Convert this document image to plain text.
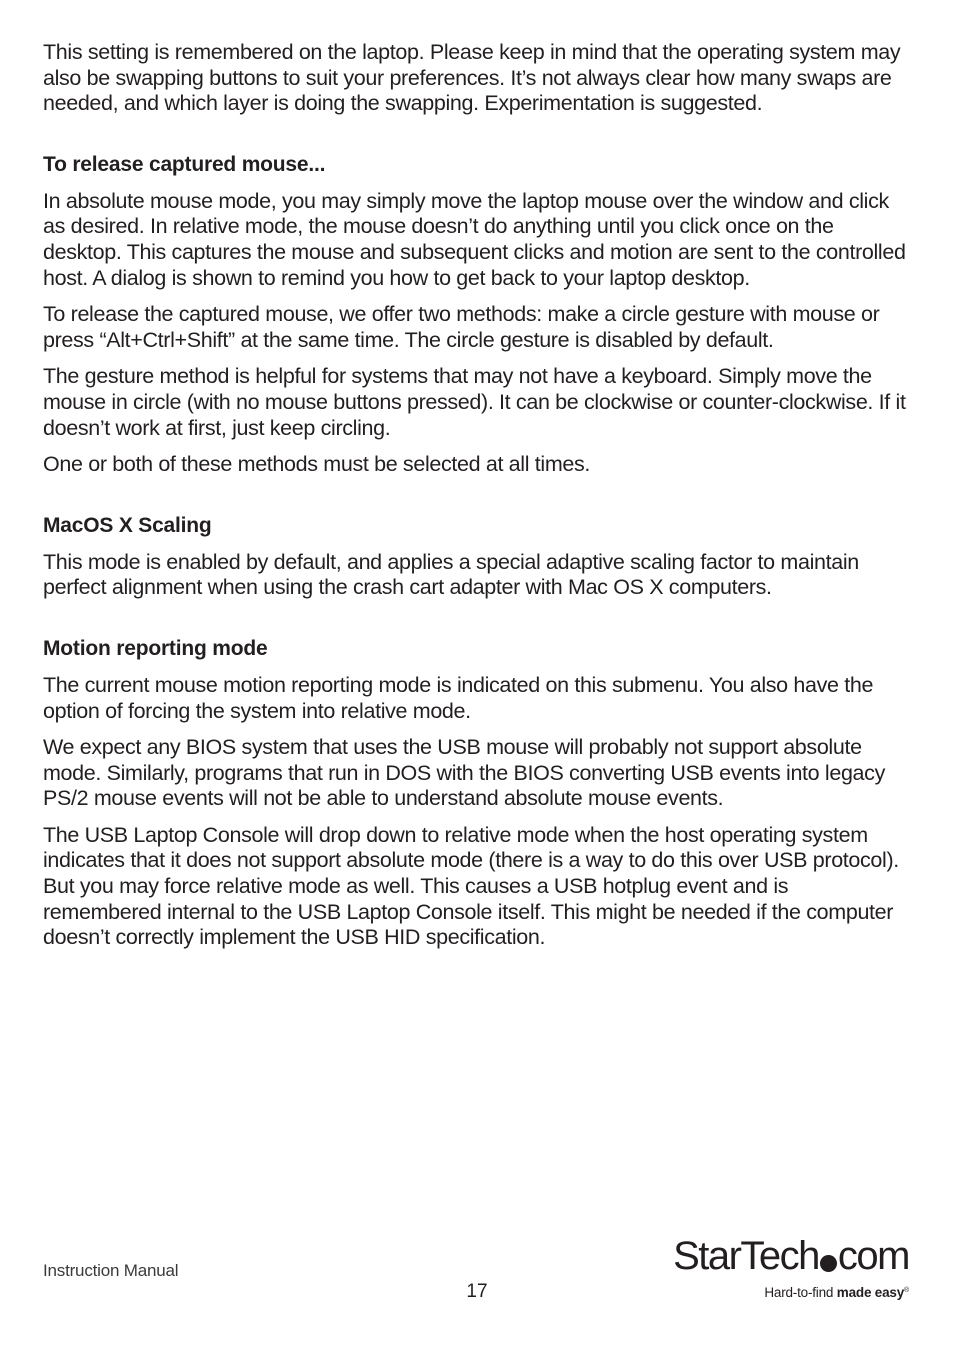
This setting is remembered on the laptop. Please keep in mind that the operating system may also be swapping buttons to suit your preferences. It’s not always clear how many swaps are needed, and which layer is doing the swapping. Experimentation is suggested.

To release captured mouse...

In absolute mouse mode, you may simply move the laptop mouse over the window and click as desired. In relative mode, the mouse doesn’t do anything until you click once on the desktop. This captures the mouse and subsequent clicks and motion are sent to the controlled host. A dialog is shown to remind you how to get back to your laptop desktop.

To release the captured mouse, we offer two methods: make a circle gesture with mouse or press “Alt+Ctrl+Shift” at the same time. The circle gesture is disabled by default.

The gesture method is helpful for systems that may not have a keyboard. Simply move the mouse in circle (with no mouse buttons pressed). It can be clockwise or counter-clockwise. If it doesn’t work at first, just keep circling.

One or both of these methods must be selected at all times.

MacOS X Scaling

This mode is enabled by default, and applies a special adaptive scaling factor to maintain perfect alignment when using the crash cart adapter with Mac OS X computers.

Motion reporting mode

The current mouse motion reporting mode is indicated on this submenu. You also have the option of forcing the system into relative mode.

We expect any BIOS system that uses the USB mouse will probably not support absolute mode. Similarly, programs that run in DOS with the BIOS converting USB events into legacy PS/2 mouse events will not be able to understand absolute mouse events.

The USB Laptop Console will drop down to relative mode when the host operating system indicates that it does not support absolute mode (there is a way to do this over USB protocol). But you may force relative mode as well. This causes a USB hotplug event and is remembered internal to the USB Laptop Console itself. This might be needed if the computer doesn’t correctly implement the USB HID specification.

Instruction Manual
17
StarTech com
Hard-to-find made easy®
